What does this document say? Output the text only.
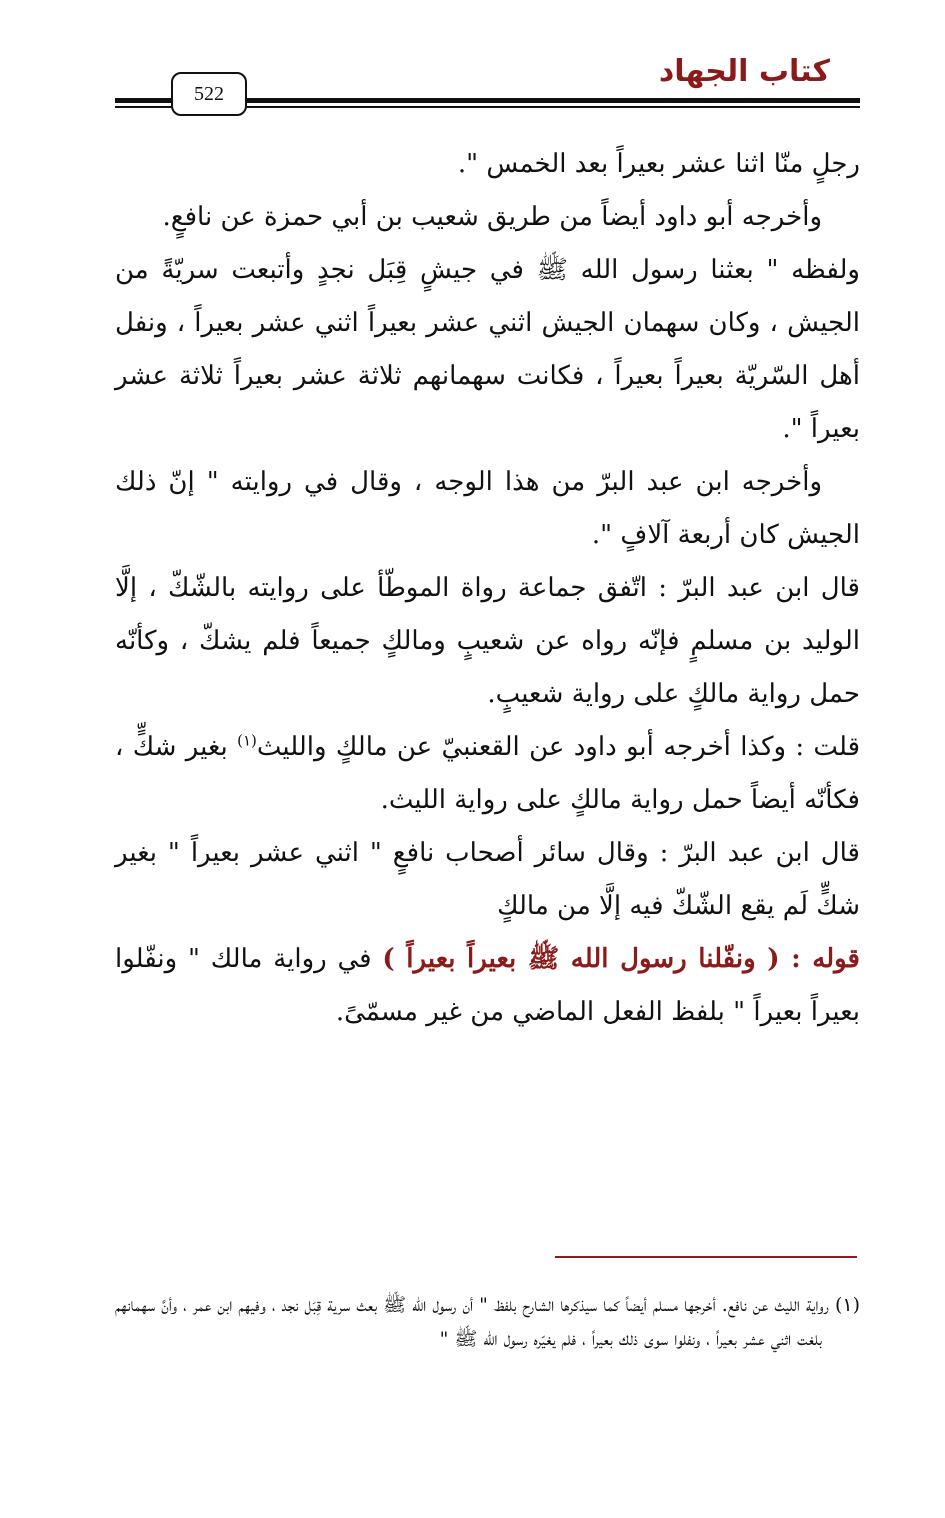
كتاب الجهاد
522

رجلٍ منّا اثنا عشر بعيراً بعد الخمس ".

وأخرجه أبو داود أيضاً من طريق شعيب بن أبي حمزة عن نافعٍ.

ولفظه " بعثنا رسول الله ﷺ في جيشٍ قِبَل نجدٍ وأتبعت سريّةً من الجيش ، وكان سهمان الجيش اثني عشر بعيراً اثني عشر بعيراً ، ونفل أهل السّريّة بعيراً بعيراً ، فكانت سهمانهم ثلاثة عشر بعيراً ثلاثة عشر بعيراً ".

وأخرجه ابن عبد البرّ من هذا الوجه ، وقال في روايته " إنّ ذلك الجيش كان أربعة آلافٍ ".

قال ابن عبد البرّ : اتّفق جماعة رواة الموطّأ على روايته بالشّكّ ، إلَّا الوليد بن مسلمٍ فإنّه رواه عن شعيبٍ ومالكٍ جميعاً فلم يشكّ ، وكأنّه حمل رواية مالكٍ على رواية شعيبٍ.

قلت : وكذا أخرجه أبو داود عن القعنبيّ عن مالكٍ والليث$^{(١)}$ بغير شكٍّ ، فكأنّه أيضاً حمل رواية مالكٍ على رواية الليث.

قال ابن عبد البرّ : وقال سائر أصحاب نافعٍ " اثني عشر بعيراً " بغير شكٍّ لَم يقع الشّكّ فيه إلَّا من مالكٍ

قوله : ( ونفّلنا رسول الله ﷺ بعيراً بعيراً ) في رواية مالك " ونفّلوا بعيراً بعيراً " بلفظ الفعل الماضي من غير مسمّىً.

(١) رواية الليث عن نافع. أخرجها مسلم أيضاً كما سيذكرها الشارح بلفظ " أن رسول الله ﷺ بعث سرية قِبَل نجد ، وفيهم ابن عمر ، وأنَّ سهمانهم بلغت اثني عشر بعيراً ، ونفلوا سوى ذلك بعيراً ، فلم يغيّره رسول الله ﷺ "
